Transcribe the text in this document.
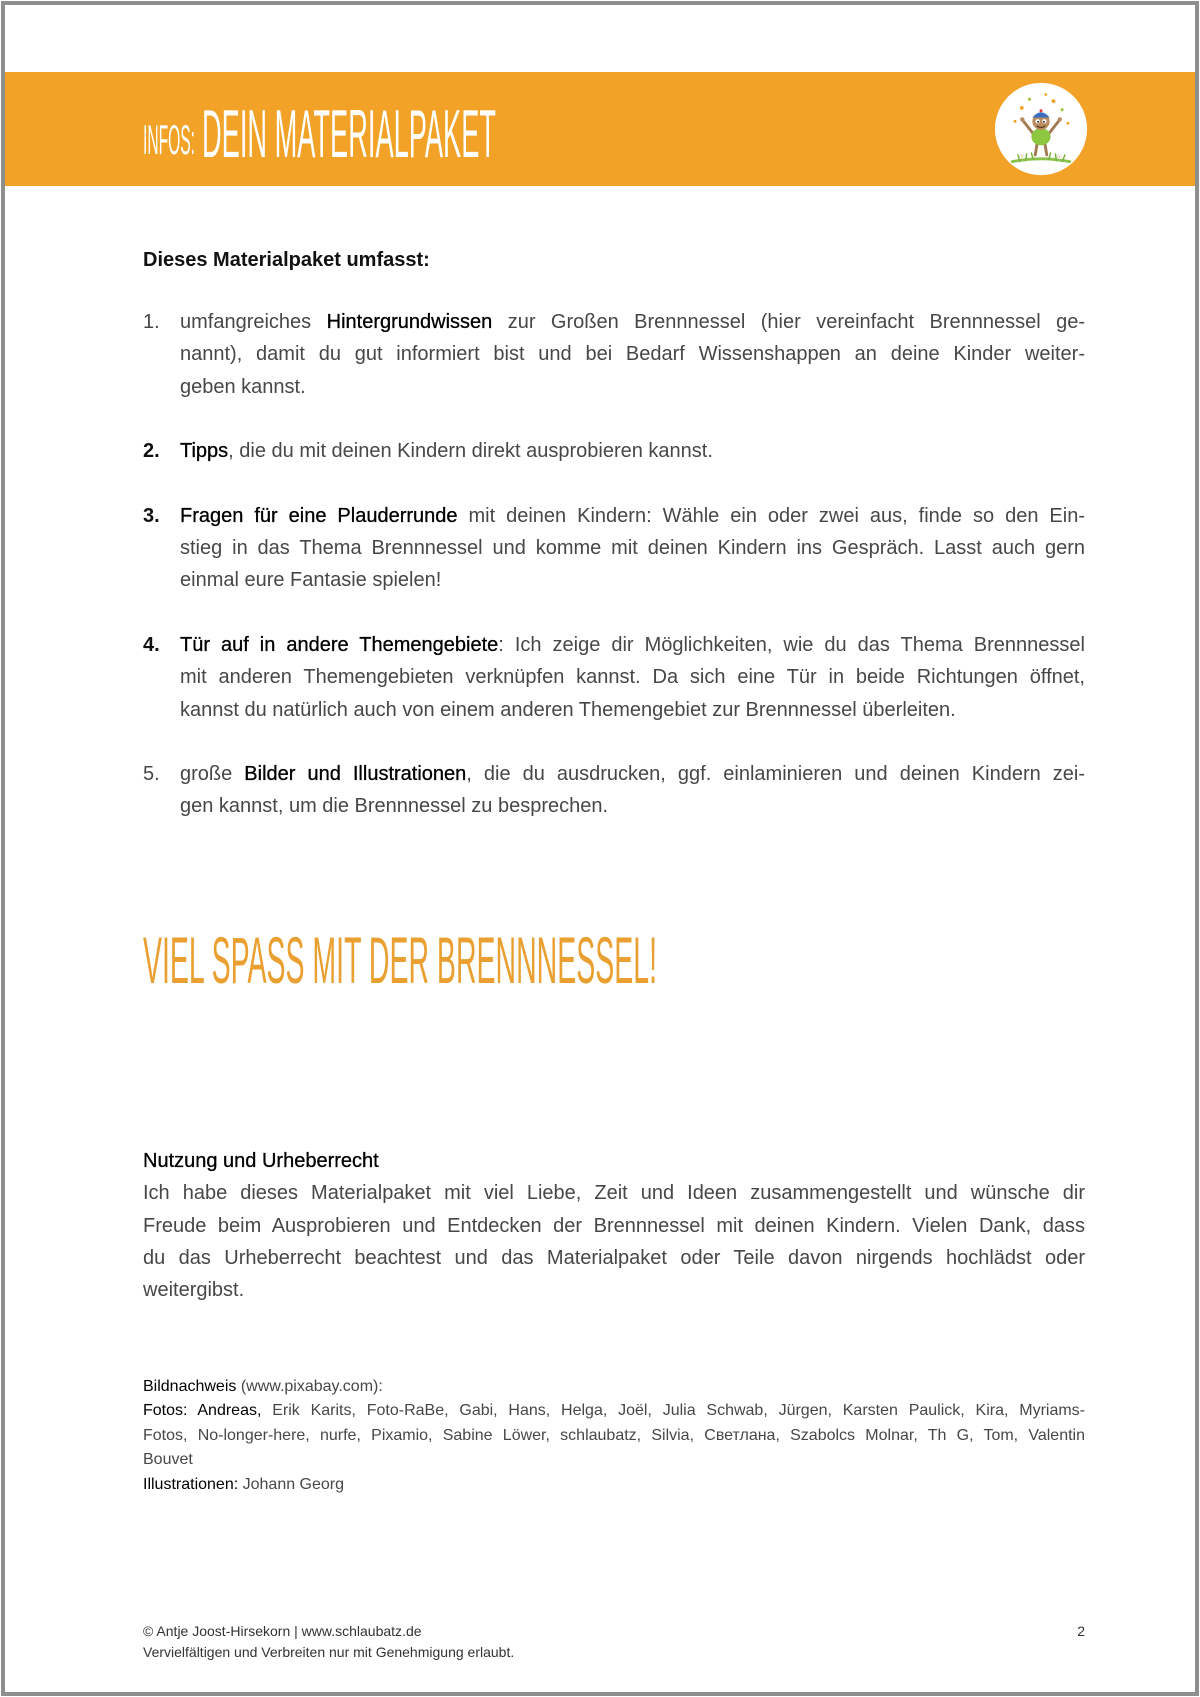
INFOS: DEIN MATERIALPAKET
Dieses Materialpaket umfasst:
1.	umfangreiches Hintergrundwissen zur Großen Brennnessel (hier vereinfacht Brennnessel ge-
nannt), damit du gut informiert bist und bei Bedarf Wissenshappen an deine Kinder weiter-
geben kannst.
2.	Tipps, die du mit deinen Kindern direkt ausprobieren kannst.
3.	Fragen für eine Plauderrunde mit deinen Kindern: Wähle ein oder zwei aus, finde so den Ein-
stieg in das Thema Brennnessel und komme mit deinen Kindern ins Gespräch. Lasst auch gern
einmal eure Fantasie spielen!
4.	Tür auf in andere Themengebiete: Ich zeige dir Möglichkeiten, wie du das Thema Brennnessel
mit anderen Themengebieten verknüpfen kannst. Da sich eine Tür in beide Richtungen öffnet,
kannst du natürlich auch von einem anderen Themengebiet zur Brennnessel überleiten.
5.	große Bilder und Illustrationen, die du ausdrucken, ggf. einlaminieren und deinen Kindern zei-
gen kannst, um die Brennnessel zu besprechen.
VIEL SPASS MIT DER BRENNNESSEL!
Nutzung und Urheberrecht
Ich habe dieses Materialpaket mit viel Liebe, Zeit und Ideen zusammengestellt und wünsche dir
Freude beim Ausprobieren und Entdecken der Brennnessel mit deinen Kindern. Vielen Dank, dass
du das Urheberrecht beachtest und das Materialpaket oder Teile davon nirgends hochlädst oder
weitergibst.
Bildnachweis (www.pixabay.com):
Fotos: Andreas, Erik Karits, Foto-RaBe, Gabi, Hans, Helga, Joël, Julia Schwab, Jürgen, Karsten Paulick, Kira, Myriams-
Fotos, No-longer-here, nurfe, Pixamio, Sabine Löwer, schlaubatz, Silvia, Светлана, Szabolcs Molnar, Th G, Tom, Valentin
Bouvet
Illustrationen: Johann Georg
© Antje Joost-Hirsekorn | www.schlaubatz.de
Vervielfältigen und Verbreiten nur mit Genehmigung erlaubt.
2
